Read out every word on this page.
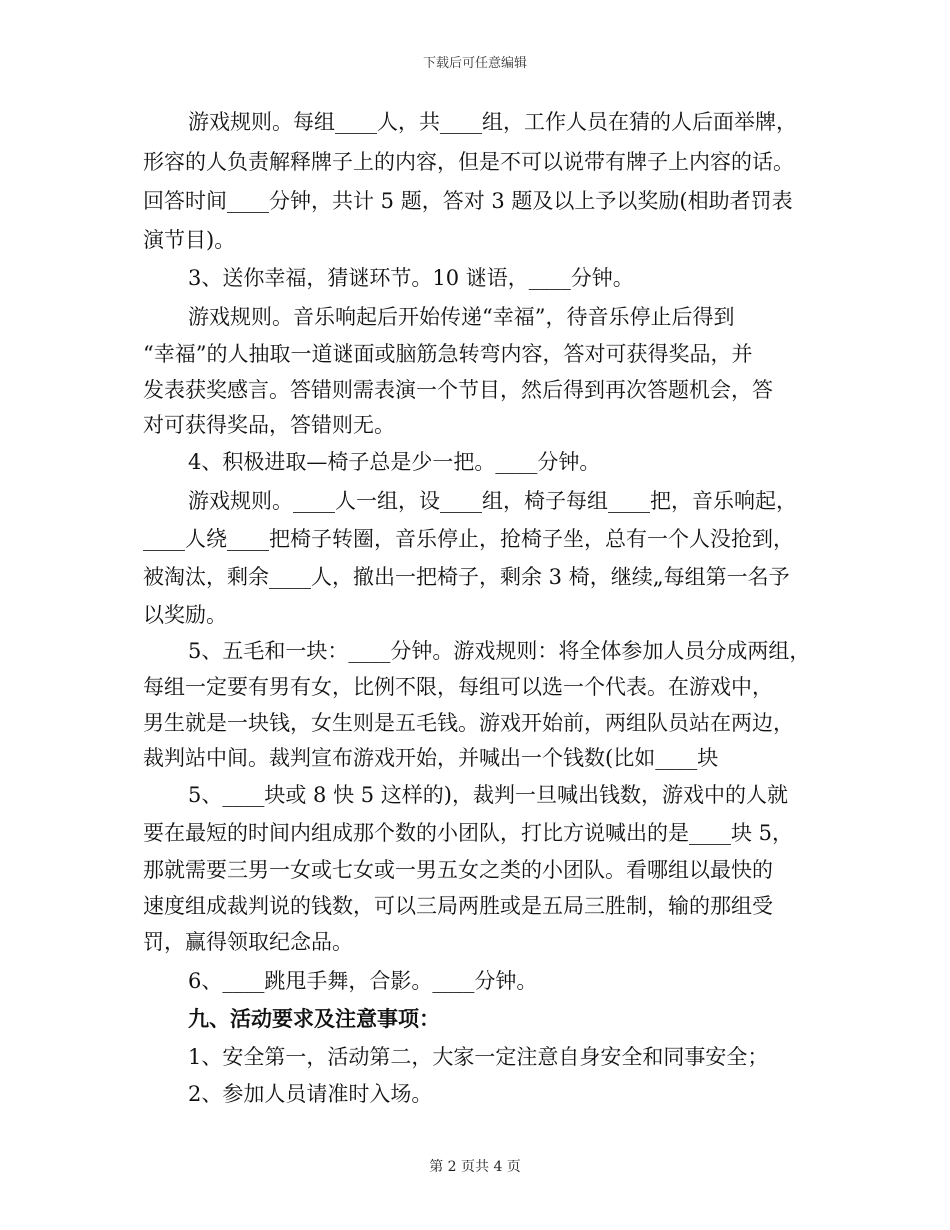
下载后可任意编辑
游戏规则。每组____人，共____组，工作人员在猜的人后面举牌，
形容的人负责解释牌子上的内容，但是不可以说带有牌子上内容的话。
回答时间____分钟，共计 5 题，答对 3 题及以上予以奖励(相助者罚表
演节目)。
3、送你幸福，猜谜环节。10 谜语，____分钟。
游戏规则。音乐响起后开始传递“幸福”，待音乐停止后得到
“幸福”的人抽取一道谜面或脑筋急转弯内容，答对可获得奖品，并
发表获奖感言。答错则需表演一个节目，然后得到再次答题机会，答
对可获得奖品，答错则无。
4、积极进取—椅子总是少一把。____分钟。
游戏规则。____人一组，设____组，椅子每组____把，音乐响起，
____人绕____把椅子转圈，音乐停止，抢椅子坐，总有一个人没抢到，
被淘汰，剩余____人，撤出一把椅子，剩余 3 椅，继续„每组第一名予
以奖励。
5、五毛和一块：____分钟。游戏规则：将全体参加人员分成两组，
每组一定要有男有女，比例不限，每组可以选一个代表。在游戏中，
男生就是一块钱，女生则是五毛钱。游戏开始前，两组队员站在两边，
裁判站中间。裁判宣布游戏开始，并喊出一个钱数(比如____块
5、____块或 8 快 5 这样的)，裁判一旦喊出钱数，游戏中的人就
要在最短的时间内组成那个数的小团队，打比方说喊出的是____块 5，
那就需要三男一女或七女或一男五女之类的小团队。看哪组以最快的
速度组成裁判说的钱数，可以三局两胜或是五局三胜制，输的那组受
罚，赢得领取纪念品。
6、____跳甩手舞，合影。____分钟。
九、活动要求及注意事项：
1、安全第一，活动第二，大家一定注意自身安全和同事安全；
2、参加人员请准时入场。
第 2 页共 4 页
